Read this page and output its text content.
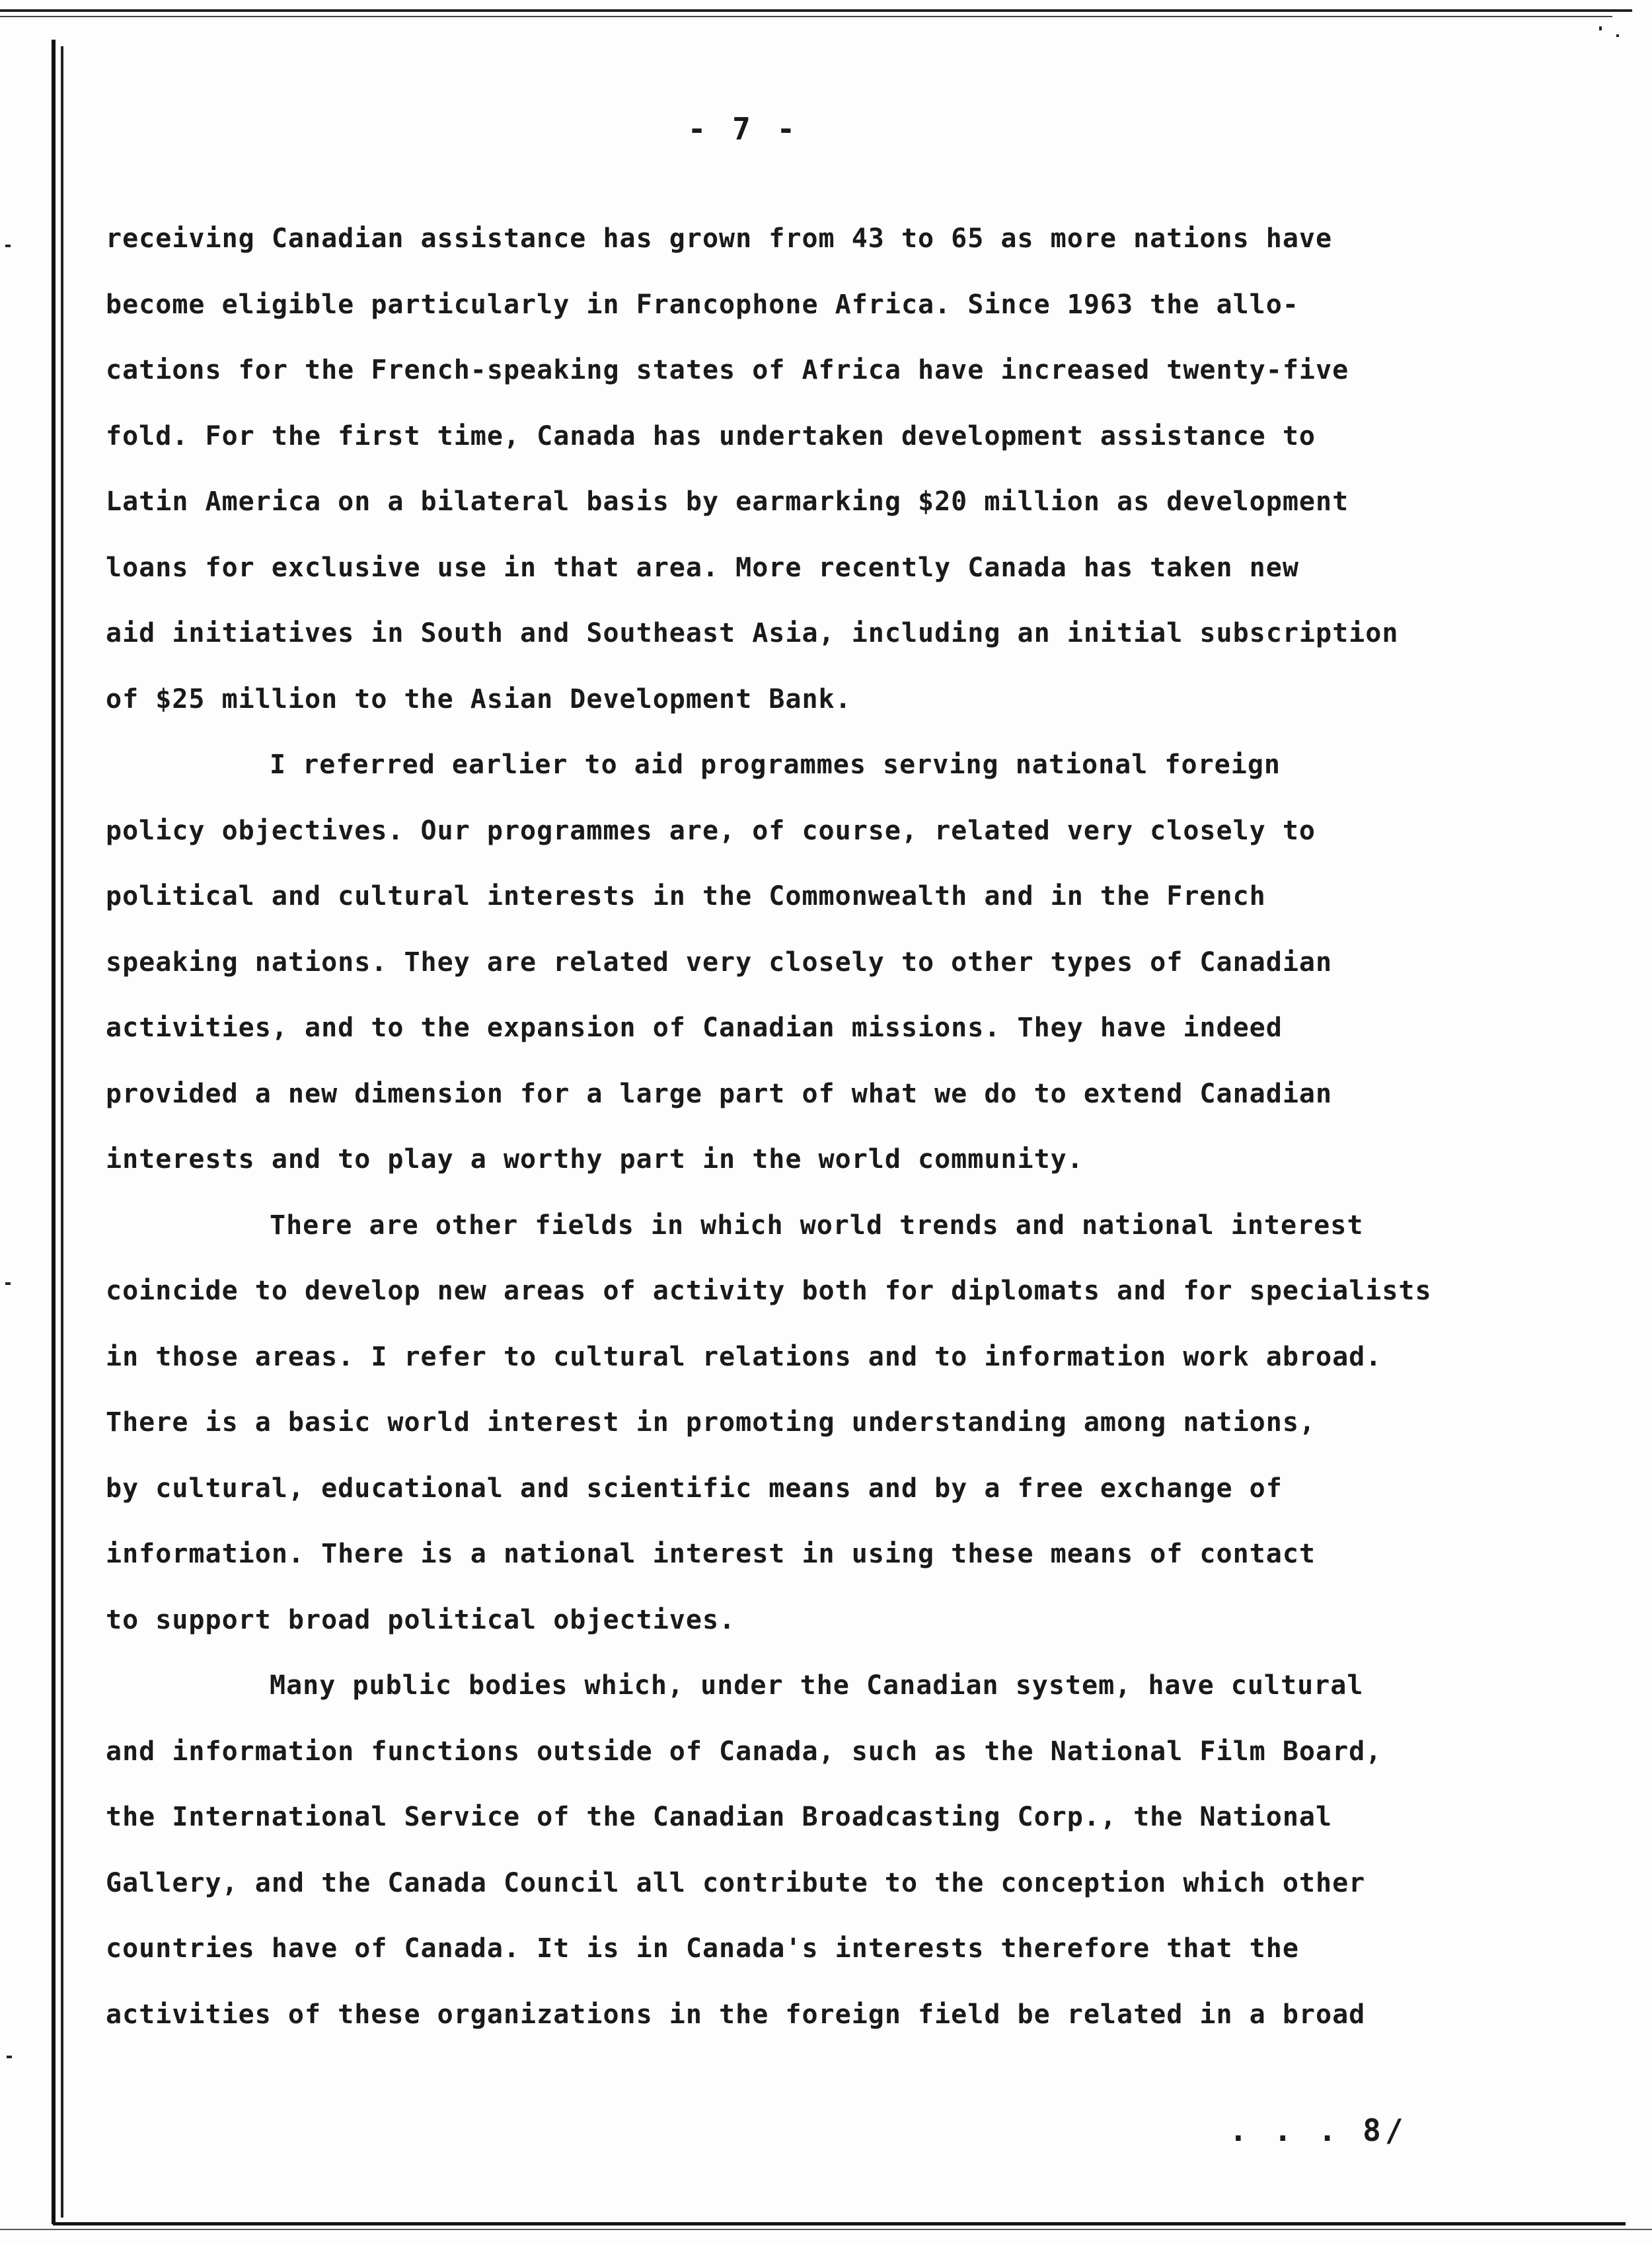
- 7 -
receiving Canadian assistance has grown from 43 to 65 as more nations have
become eligible particularly in Francophone Africa. Since 1963 the allo-
cations for the French-speaking states of Africa have increased twenty-five
fold. For the first time, Canada has undertaken development assistance to
Latin America on a bilateral basis by earmarking $20 million as development
loans for exclusive use in that area. More recently Canada has taken new
aid initiatives in South and Southeast Asia, including an initial subscription
of $25 million to the Asian Development Bank.
I referred earlier to aid programmes serving national foreign
policy objectives. Our programmes are, of course, related very closely to
political and cultural interests in the Commonwealth and in the French
speaking nations. They are related very closely to other types of Canadian
activities, and to the expansion of Canadian missions. They have indeed
provided a new dimension for a large part of what we do to extend Canadian
interests and to play a worthy part in the world community.
There are other fields in which world trends and national interest
coincide to develop new areas of activity both for diplomats and for specialists
in those areas. I refer to cultural relations and to information work abroad.
There is a basic world interest in promoting understanding among nations,
by cultural, educational and scientific means and by a free exchange of
information. There is a national interest in using these means of contact
to support broad political objectives.
Many public bodies which, under the Canadian system, have cultural
and information functions outside of Canada, such as the National Film Board,
the International Service of the Canadian Broadcasting Corp., the National
Gallery, and the Canada Council all contribute to the conception which other
countries have of Canada. It is in Canada's interests therefore that the
activities of these organizations in the foreign field be related in a broad
. . . 8/
